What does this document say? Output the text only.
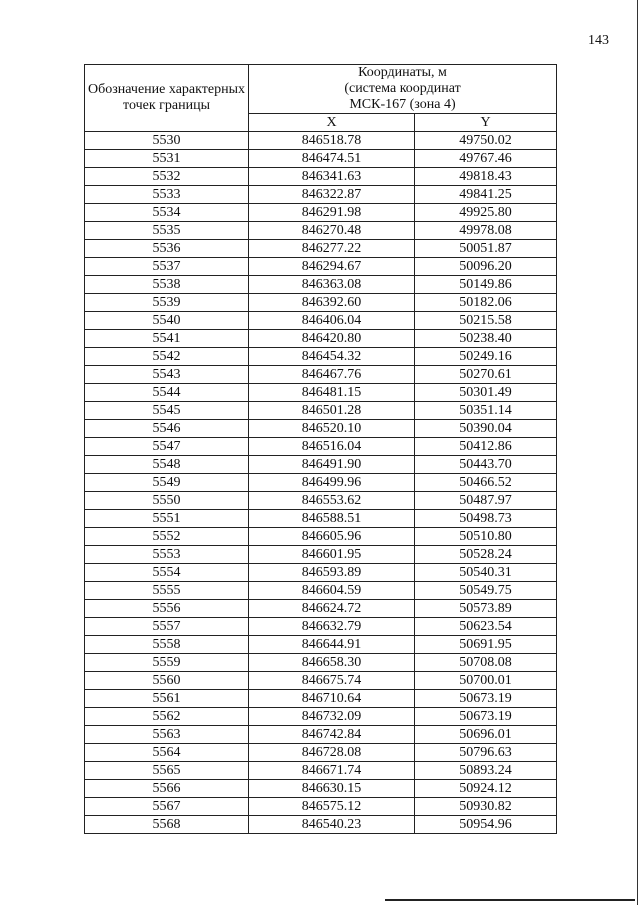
143
Обозначение характерных точек границы	Координаты, м
(система координат
МСК-167 (зона 4)	
	X	Y
5530	846518.78	49750.02
5531	846474.51	49767.46
5532	846341.63	49818.43
5533	846322.87	49841.25
5534	846291.98	49925.80
5535	846270.48	49978.08
5536	846277.22	50051.87
5537	846294.67	50096.20
5538	846363.08	50149.86
5539	846392.60	50182.06
5540	846406.04	50215.58
5541	846420.80	50238.40
5542	846454.32	50249.16
5543	846467.76	50270.61
5544	846481.15	50301.49
5545	846501.28	50351.14
5546	846520.10	50390.04
5547	846516.04	50412.86
5548	846491.90	50443.70
5549	846499.96	50466.52
5550	846553.62	50487.97
5551	846588.51	50498.73
5552	846605.96	50510.80
5553	846601.95	50528.24
5554	846593.89	50540.31
5555	846604.59	50549.75
5556	846624.72	50573.89
5557	846632.79	50623.54
5558	846644.91	50691.95
5559	846658.30	50708.08
5560	846675.74	50700.01
5561	846710.64	50673.19
5562	846732.09	50673.19
5563	846742.84	50696.01
5564	846728.08	50796.63
5565	846671.74	50893.24
5566	846630.15	50924.12
5567	846575.12	50930.82
5568	846540.23	50954.96
